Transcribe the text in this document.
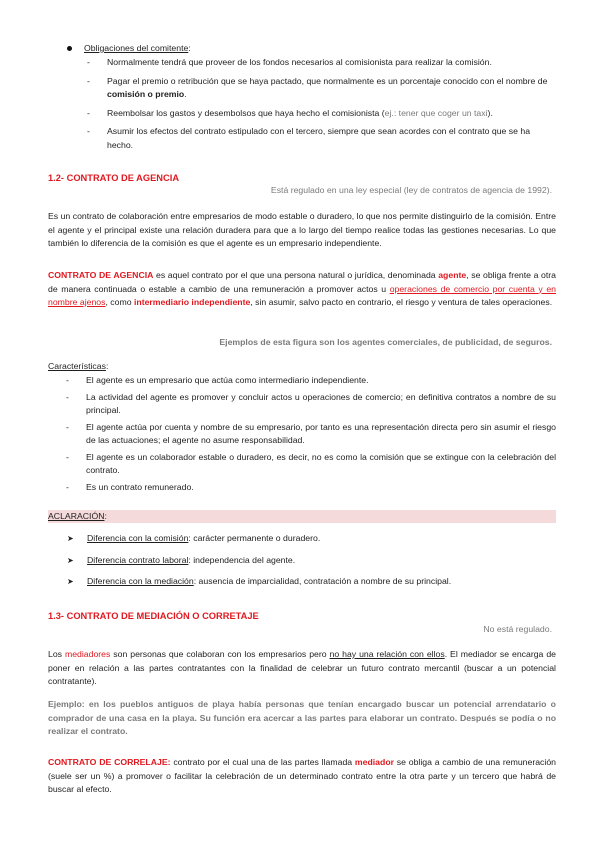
Obligaciones del comitente:
- Normalmente tendrá que proveer de los fondos necesarios al comisionista para realizar la comisión.
- Pagar el premio o retribución que se haya pactado, que normalmente es un porcentaje conocido con el nombre de comisión o premio.
- Reembolsar los gastos y desembolsos que haya hecho el comisionista (ej.: tener que coger un taxi).
- Asumir los efectos del contrato estipulado con el tercero, siempre que sean acordes con el contrato que se ha hecho.
1.2- CONTRATO DE AGENCIA
Está regulado en una ley especial (ley de contratos de agencia de 1992).
Es un contrato de colaboración entre empresarios de modo estable o duradero, lo que nos permite distinguirlo de la comisión. Entre el agente y el principal existe una relación duradera para que a lo largo del tiempo realice todas las gestiones necesarias. Lo que también lo diferencia de la comisión es que el agente es un empresario independiente.
CONTRATO DE AGENCIA es aquel contrato por el que una persona natural o jurídica, denominada agente, se obliga frente a otra de manera continuada o estable a cambio de una remuneración a promover actos u operaciones de comercio por cuenta y en nombre ajenos, como intermediario independiente, sin asumir, salvo pacto en contrario, el riesgo y ventura de tales operaciones.
Ejemplos de esta figura son los agentes comerciales, de publicidad, de seguros.
Características:
- El agente es un empresario que actúa como intermediario independiente.
- La actividad del agente es promover y concluir actos u operaciones de comercio; en definitiva contratos a nombre de su principal.
- El agente actúa por cuenta y nombre de su empresario, por tanto es una representación directa pero sin asumir el riesgo de las actuaciones; el agente no asume responsabilidad.
- El agente es un colaborador estable o duradero, es decir, no es como la comisión que se extingue con la celebración del contrato.
- Es un contrato remunerado.
ACLARACIÓN:
➤ Diferencia con la comisión: carácter permanente o duradero.
➤ Diferencia contrato laboral: independencia del agente.
➤ Diferencia con la mediación: ausencia de imparcialidad, contratación a nombre de su principal.
1.3- CONTRATO DE MEDIACIÓN O CORRETAJE
No está regulado.
Los mediadores son personas que colaboran con los empresarios pero no hay una relación con ellos. El mediador se encarga de poner en relación a las partes contratantes con la finalidad de celebrar un futuro contrato mercantil (buscar a un potencial contratante).
Ejemplo: en los pueblos antiguos de playa había personas que tenían encargado buscar un potencial arrendatario o comprador de una casa en la playa. Su función era acercar a las partes para elaborar un contrato. Después se podía o no realizar el contrato.
CONTRATO DE CORRELAJE: contrato por el cual una de las partes llamada mediador se obliga a cambio de una remuneración (suele ser un %) a promover o facilitar la celebración de un determinado contrato entre la otra parte y un tercero que habrá de buscar al efecto.
